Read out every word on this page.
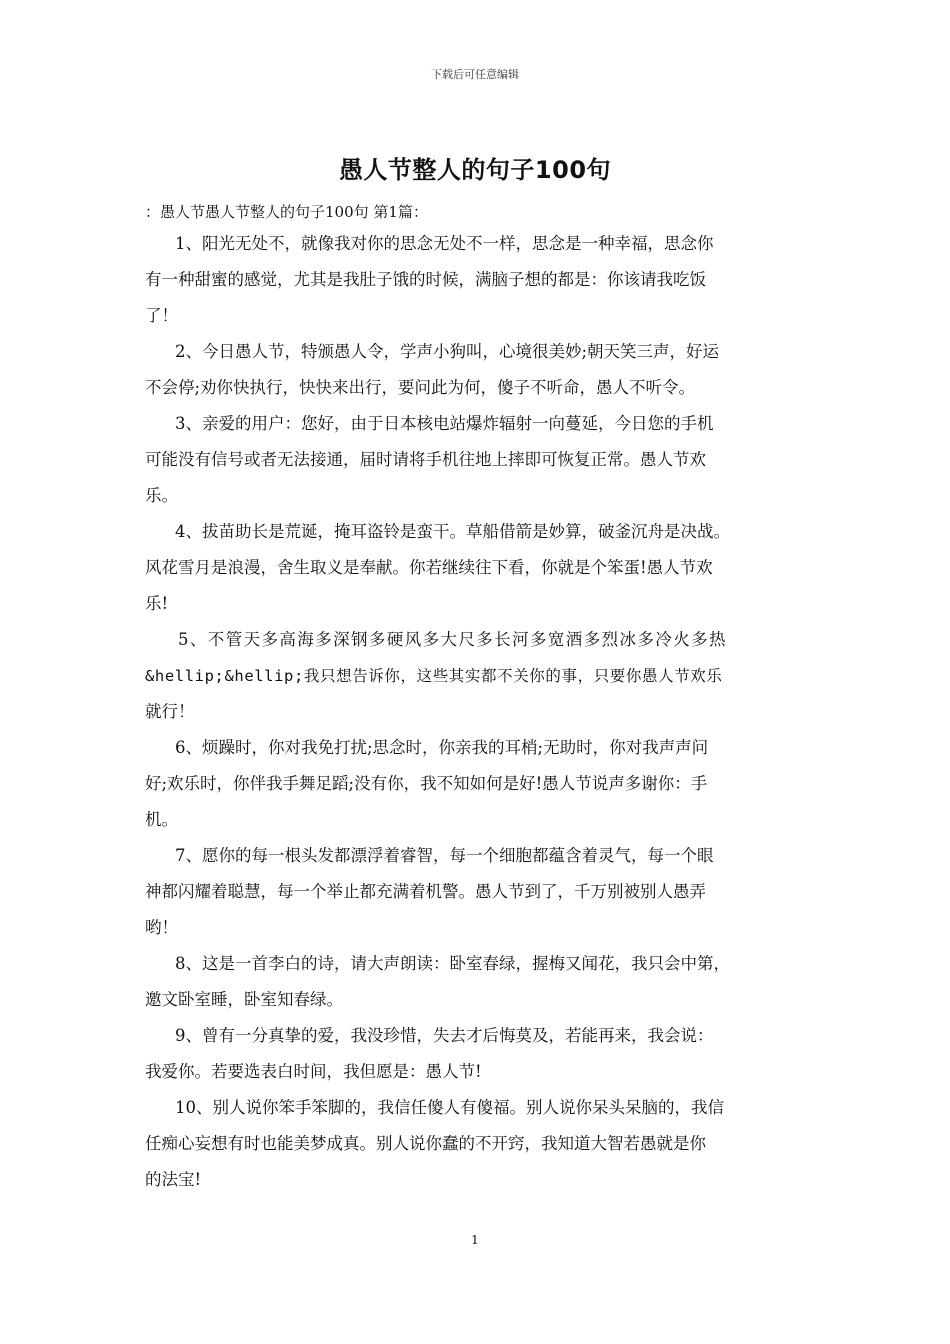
下载后可任意编辑
愚人节整人的句子100句
：愚人节愚人节整人的句子100句 第1篇：

1、阳光无处不，就像我对你的思念无处不一样，思念是一种幸福，思念你
有一种甜蜜的感觉，尤其是我肚子饿的时候，满脑子想的都是：你该请我吃饭
了！

2、今日愚人节，特颁愚人令，学声小狗叫，心境很美妙;朝天笑三声，好运
不会停;劝你快执行，快快来出行，要问此为何，傻子不听命，愚人不听令。

3、亲爱的用户：您好，由于日本核电站爆炸辐射一向蔓延，今日您的手机
可能没有信号或者无法接通，届时请将手机往地上摔即可恢复正常。愚人节欢
乐。

4、拔苗助长是荒诞，掩耳盗铃是蛮干。草船借箭是妙算，破釜沉舟是决战。
风花雪月是浪漫，舍生取义是奉献。你若继续往下看，你就是个笨蛋!愚人节欢
乐!

5、不管天多高海多深钢多硬风多大尺多长河多宽酒多烈冰多冷火多热
&hellip;&hellip;我只想告诉你，这些其实都不关你的事，只要你愚人节欢乐
就行！

6、烦躁时，你对我免打扰;思念时，你亲我的耳梢;无助时，你对我声声问
好;欢乐时，你伴我手舞足蹈;没有你，我不知如何是好!愚人节说声多谢你：手
机。

7、愿你的每一根头发都漂浮着睿智，每一个细胞都蕴含着灵气，每一个眼
神都闪耀着聪慧，每一个举止都充满着机警。愚人节到了，千万别被别人愚弄
哟！

8、这是一首李白的诗，请大声朗读：卧室春绿，握梅又闻花，我只会中第，
邀文卧室睡，卧室知春绿。

9、曾有一分真挚的爱，我没珍惜，失去才后悔莫及，若能再来，我会说：
我爱你。若要选表白时间，我但愿是：愚人节!

10、别人说你笨手笨脚的，我信任傻人有傻福。别人说你呆头呆脑的，我信
任痴心妄想有时也能美梦成真。别人说你蠢的不开窍，我知道大智若愚就是你
的法宝!

1
